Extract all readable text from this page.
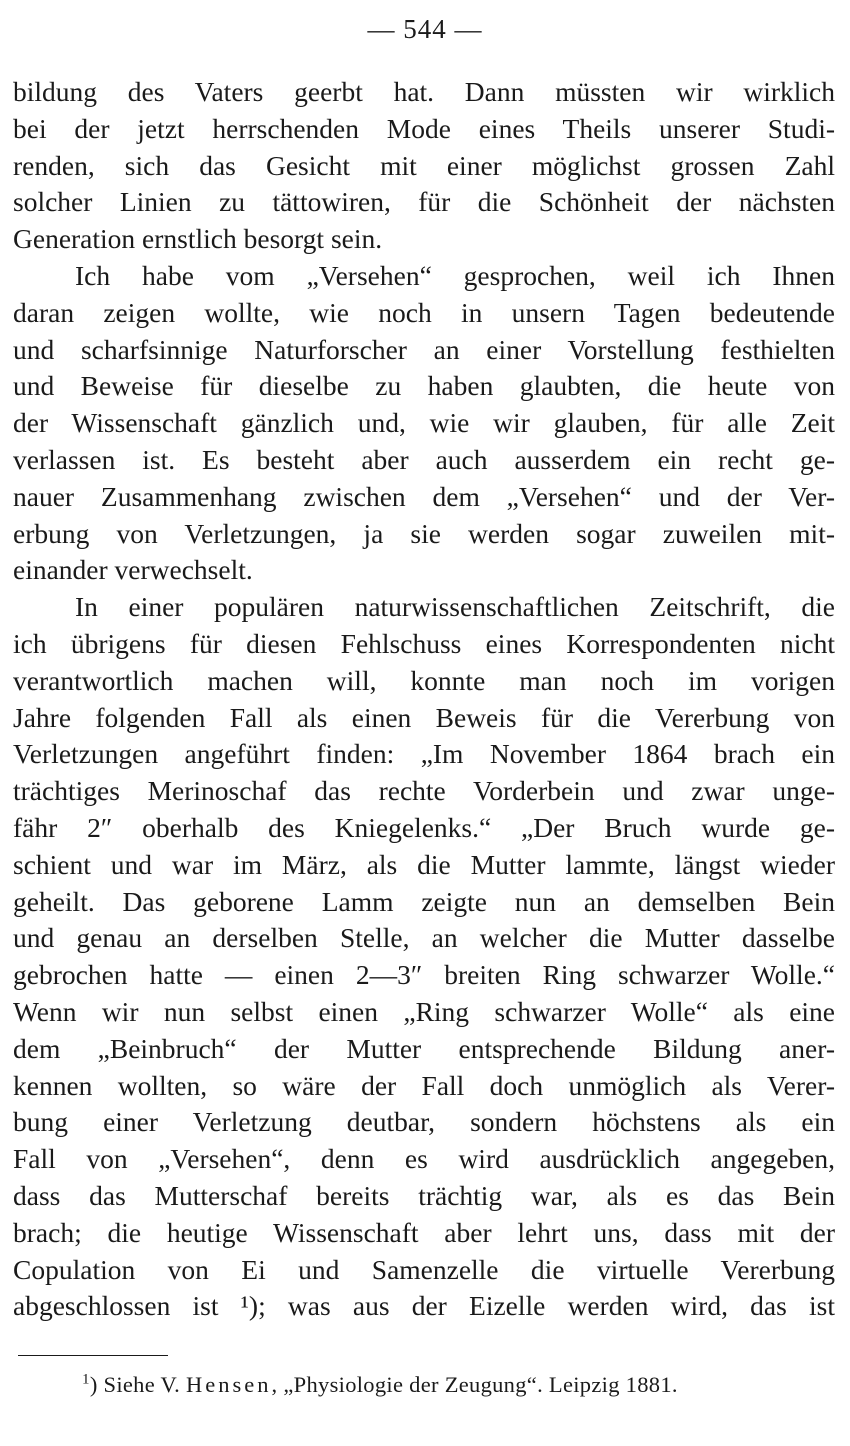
— 544 —
bildung des Vaters geerbt hat. Dann müssten wir wirklich
bei der jetzt herrschenden Mode eines Theils unserer Studi-
renden, sich das Gesicht mit einer möglichst grossen Zahl
solcher Linien zu tättowiren, für die Schönheit der nächsten
Generation ernstlich besorgt sein.
Ich habe vom „Versehen“ gesprochen, weil ich Ihnen
daran zeigen wollte, wie noch in unsern Tagen bedeutende
und scharfsinnige Naturforscher an einer Vorstellung festhielten
und Beweise für dieselbe zu haben glaubten, die heute von
der Wissenschaft gänzlich und, wie wir glauben, für alle Zeit
verlassen ist. Es besteht aber auch ausserdem ein recht ge-
nauer Zusammenhang zwischen dem „Versehen“ und der Ver-
erbung von Verletzungen, ja sie werden sogar zuweilen mit-
einander verwechselt.
In einer populären naturwissenschaftlichen Zeitschrift, die
ich übrigens für diesen Fehlschuss eines Korrespondenten nicht
verantwortlich machen will, konnte man noch im vorigen
Jahre folgenden Fall als einen Beweis für die Vererbung von
Verletzungen angeführt finden: „Im November 1864 brach ein
trächtiges Merinoschaf das rechte Vorderbein und zwar unge-
fähr 2″ oberhalb des Kniegelenks.“ „Der Bruch wurde ge-
schient und war im März, als die Mutter lammte, längst wieder
geheilt. Das geborene Lamm zeigte nun an demselben Bein
und genau an derselben Stelle, an welcher die Mutter dasselbe
gebrochen hatte — einen 2—3″ breiten Ring schwarzer Wolle.“
Wenn wir nun selbst einen „Ring schwarzer Wolle“ als eine
dem „Beinbruch“ der Mutter entsprechende Bildung aner-
kennen wollten, so wäre der Fall doch unmöglich als Verer-
bung einer Verletzung deutbar, sondern höchstens als ein
Fall von „Versehen“, denn es wird ausdrücklich angegeben,
dass das Mutterschaf bereits trächtig war, als es das Bein
brach; die heutige Wissenschaft aber lehrt uns, dass mit der
Copulation von Ei und Samenzelle die virtuelle Vererbung
abgeschlossen ist ¹); was aus der Eizelle werden wird, das ist
$^1$) Siehe V. Hensen, „Physiologie der Zeugung“. Leipzig 1881.
